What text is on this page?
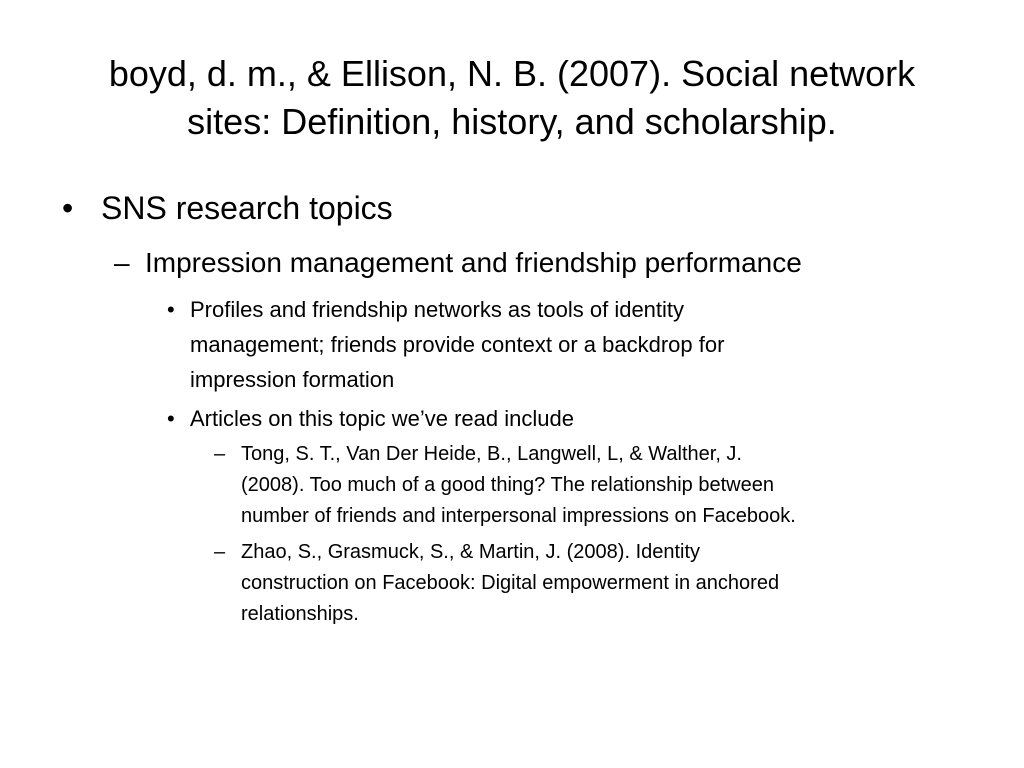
boyd, d. m., & Ellison, N. B. (2007). Social network
sites: Definition, history, and scholarship.
• SNS research topics
– Impression management and friendship performance
• Profiles and friendship networks as tools of identity
management; friends provide context or a backdrop for
impression formation
• Articles on this topic we’ve read include
– Tong, S. T., Van Der Heide, B., Langwell, L, & Walther, J.
(2008). Too much of a good thing? The relationship between
number of friends and interpersonal impressions on Facebook.
– Zhao, S., Grasmuck, S., & Martin, J. (2008). Identity
construction on Facebook: Digital empowerment in anchored
relationships.
